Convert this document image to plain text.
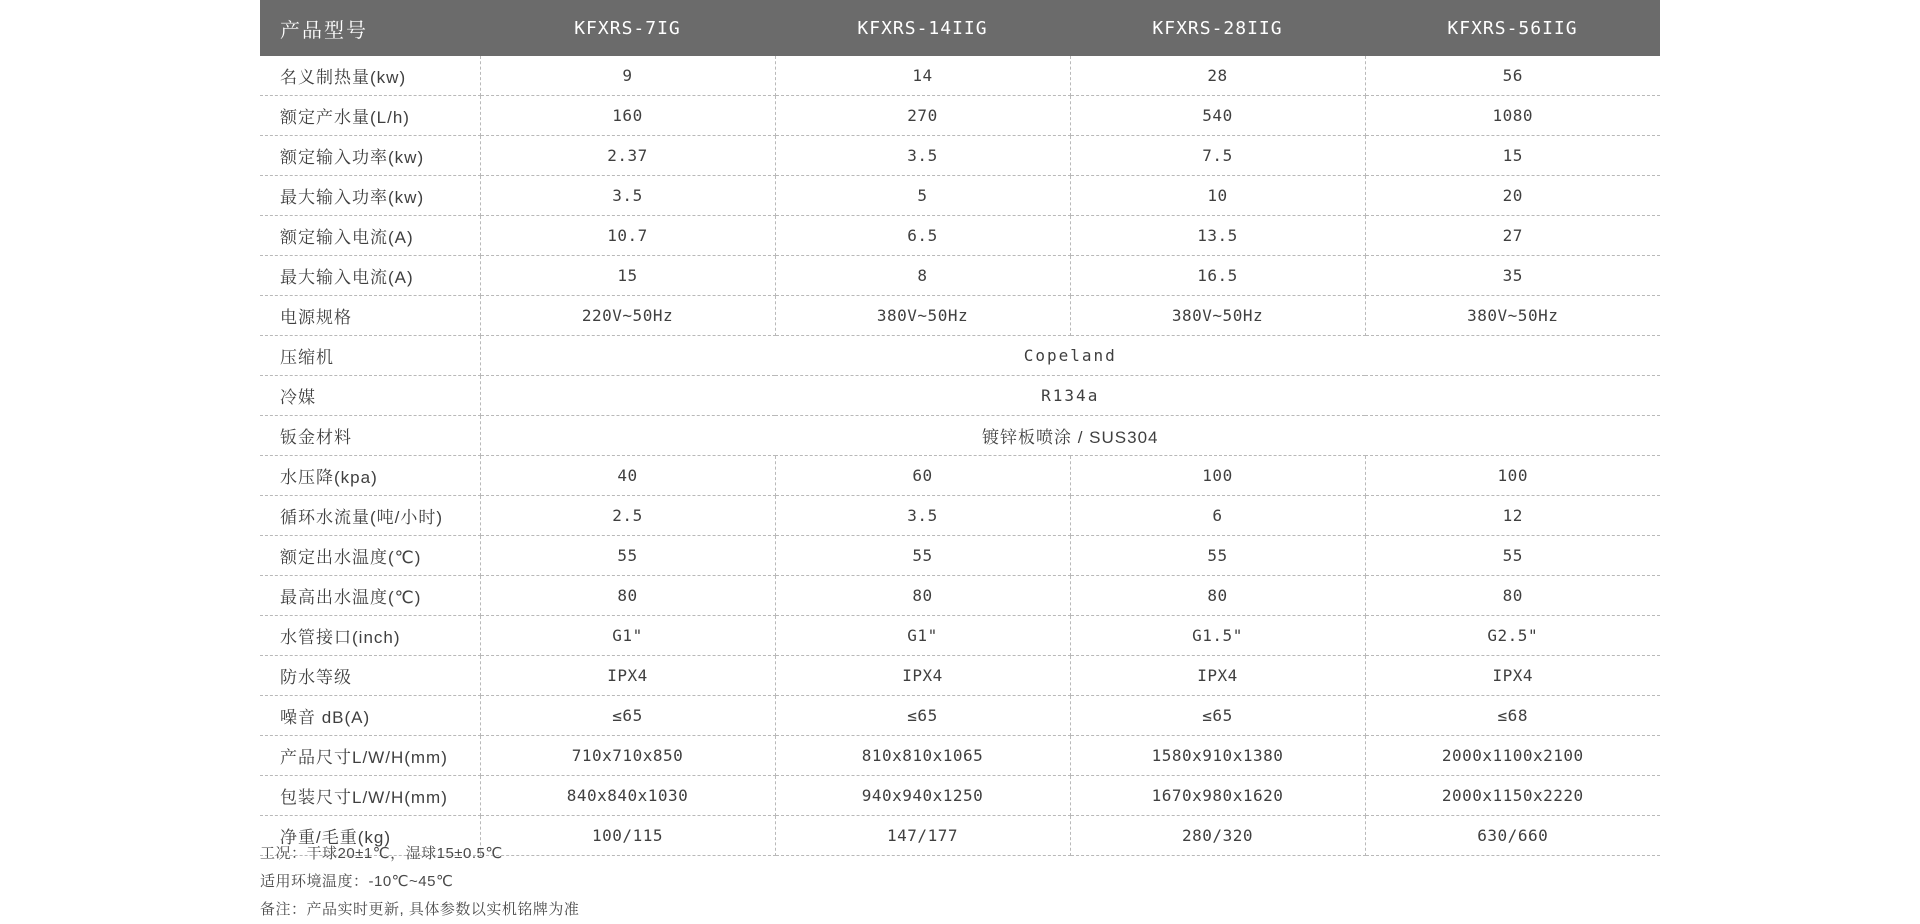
产品型号	KFXRS-7IG	KFXRS-14IIG	KFXRS-28IIG	KFXRS-56IIG
名义制热量(kw)	9	14	28	56
额定产水量(L/h)	160	270	540	1080
额定输入功率(kw)	2.37	3.5	7.5	15
最大输入功率(kw)	3.5	5	10	20
额定输入电流(A)	10.7	6.5	13.5	27
最大输入电流(A)	15	8	16.5	35
电源规格	220V~50Hz	380V~50Hz	380V~50Hz	380V~50Hz
压缩机	Copeland			
冷媒	R134a			
钣金材料	镀锌板喷涂 / SUS304			
水压降(kpa)	40	60	100	100
循环水流量(吨/小时)	2.5	3.5	6	12
额定出水温度(℃)	55	55	55	55
最高出水温度(℃)	80	80	80	80
水管接口(inch)	G1"	G1"	G1.5"	G2.5"
防水等级	IPX4	IPX4	IPX4	IPX4
噪音 dB(A)	≤65	≤65	≤65	≤68
产品尺寸L/W/H(mm)	710x710x850	810x810x1065	1580x910x1380	2000x1100x2100
包装尺寸L/W/H(mm)	840x840x1030	940x940x1250	1670x980x1620	2000x1150x2220
净重/毛重(kg)	100/115	147/177	280/320	630/660
工况：干球20±1℃，湿球15±0.5℃
适用环境温度：-10℃~45℃
备注：产品实时更新, 具体参数以实机铭牌为准
